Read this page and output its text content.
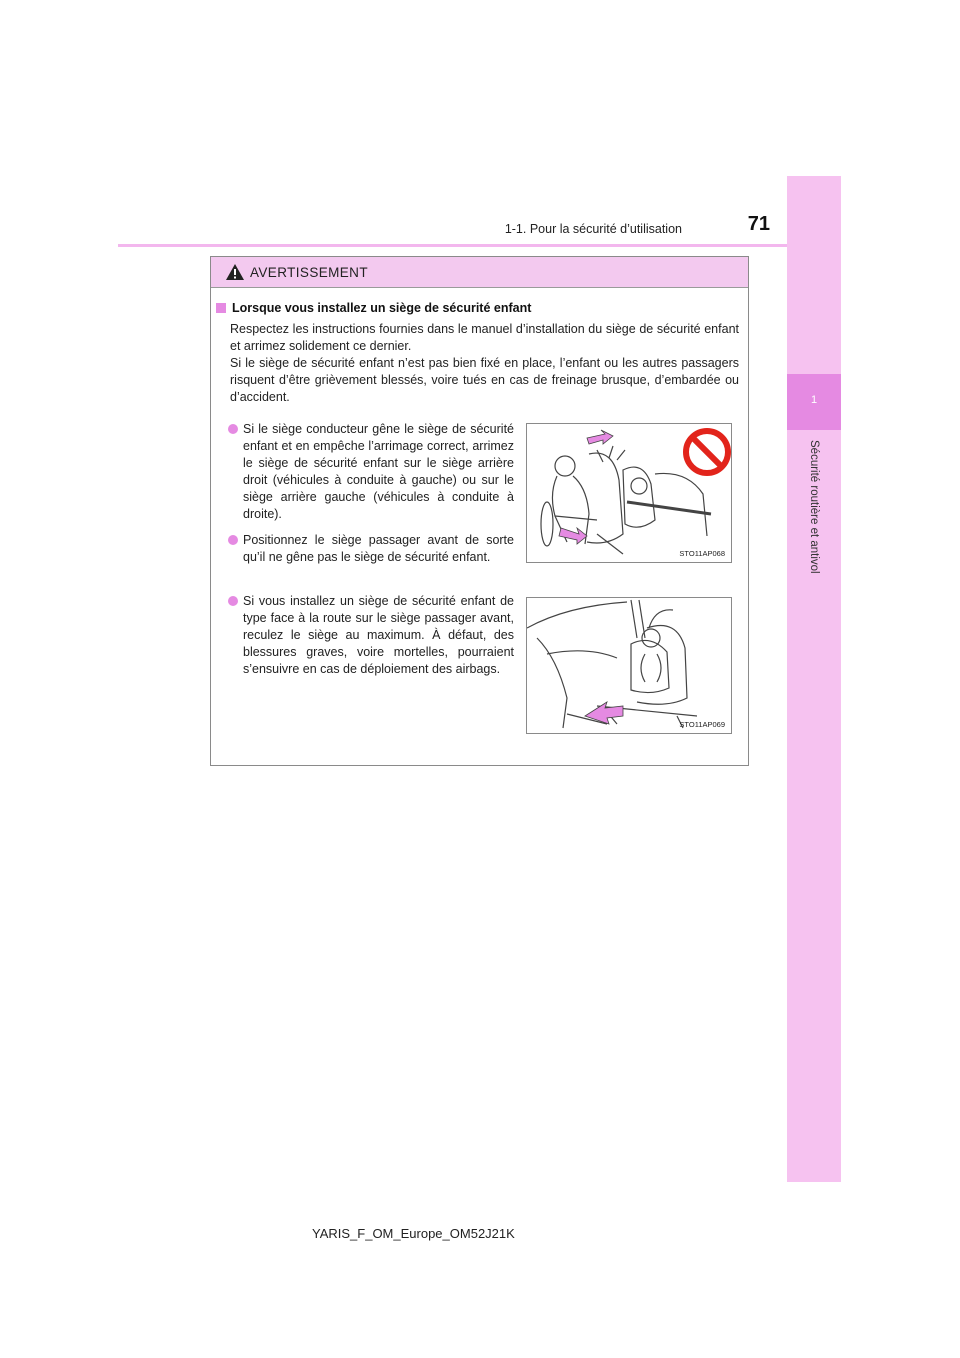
1
Sécurité routière et antivol
1-1. Pour la sécurité d’utilisation	71
AVERTISSEMENT
Lorsque vous installez un siège de sécurité enfant
Respectez les instructions fournies dans le manuel d’installation du siège de sécurité enfant et arrimez solidement ce dernier.
Si le siège de sécurité enfant n’est pas bien fixé en place, l’enfant ou les autres passagers risquent d’être grièvement blessés, voire tués en cas de freinage brusque, d’embardée ou d’accident.
Si le siège conducteur gêne le siège de sécurité enfant et en empêche l’arrimage correct, arrimez le siège de sécurité enfant sur le siège arrière droit (véhicules à conduite à gauche) ou sur le siège arrière gauche (véhicules à conduite à droite).
Positionnez le siège passager avant de sorte qu’il ne gêne pas le siège de sécurité enfant.
Si vous installez un siège de sécurité enfant de type face à la route sur le siège passager avant, reculez le siège au maximum. À défaut, des blessures graves, voire mortelles, pourraient s’ensuivre en cas de déploiement des airbags.
STO11AP068
STO11AP069
YARIS_F_OM_Europe_OM52J21K
